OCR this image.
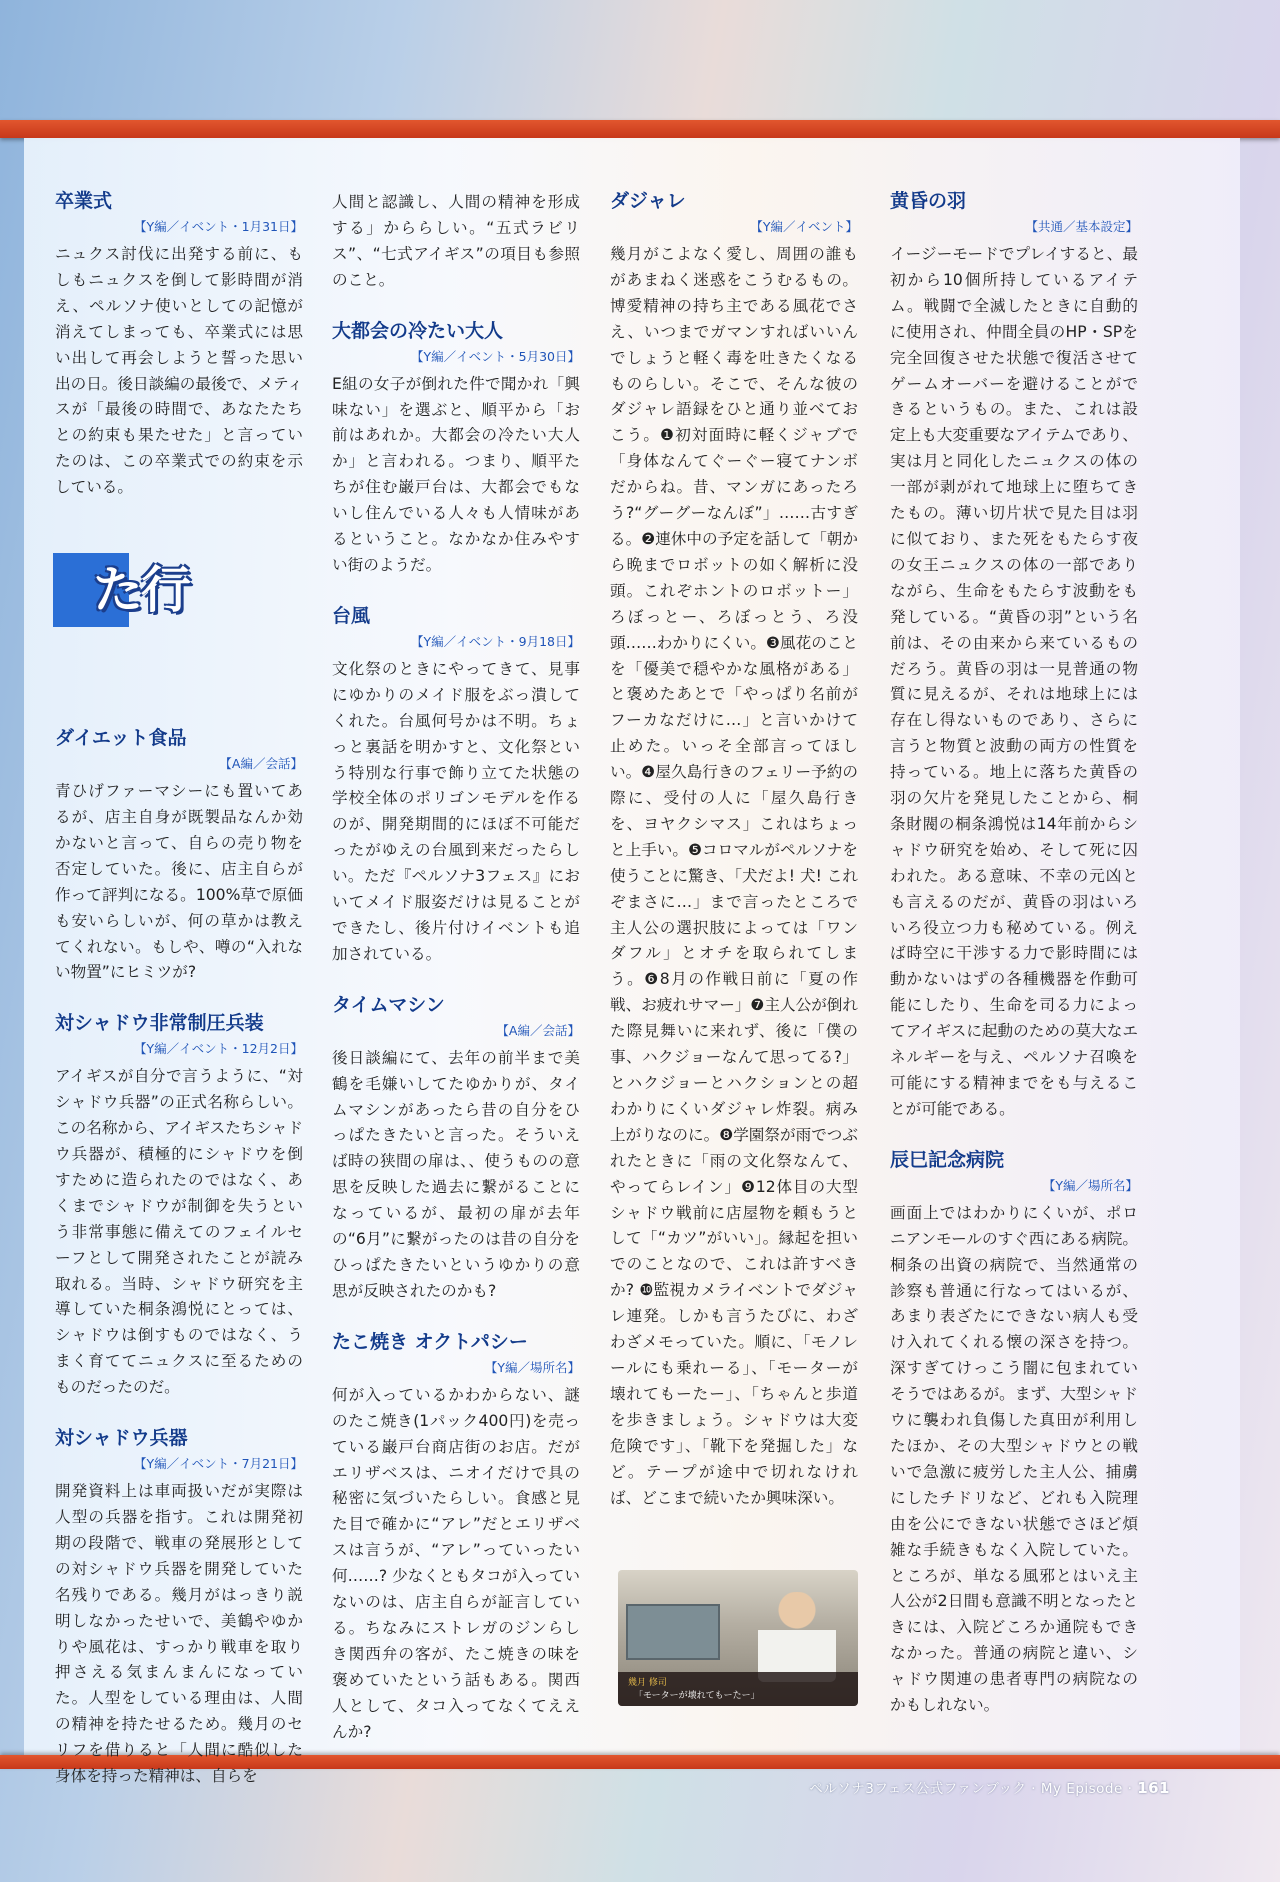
卒業式
【 Y編／イベント・1月31日 】

ニュクス討伐に出発する前に、もしもニュクスを倒して影時間が消え、ペルソナ使いとしての記憶が消えてしまっても、卒業式には思い出して再会しようと誓った思い出の日。後日談編の最後で、メティスが「最後の時間で、あなたたちとの約束も果たせた」と言っていたのは、この卒業式での約束を示している。

ダイエット食品
【 A編／会話 】

青ひげファーマシーにも置いてあるが、店主自身が既製品なんか効かないと言って、自らの売り物を否定していた。後に、店主自らが作って評判になる。100%草で原価も安いらしいが、何の草かは教えてくれない。もしや、噂の“入れない物置”にヒミツが?

対シャドウ非常制圧兵装
【 Y編／イベント・12月2日 】

アイギスが自分で言うように、“対シャドウ兵器”の正式名称らしい。この名称から、アイギスたちシャドウ兵器が、積極的にシャドウを倒すために造られたのではなく、あくまでシャドウが制御を失うという非常事態に備えてのフェイルセーフとして開発されたことが読み取れる。当時、シャドウ研究を主導していた桐条鴻悦にとっては、シャドウは倒すものではなく、うまく育ててニュクスに至るためのものだったのだ。

対シャドウ兵器
【 Y編／イベント・7月21日 】

開発資料上は車両扱いだが実際は人型の兵器を指す。これは開発初期の段階で、戦車の発展形としての対シャドウ兵器を開発していた名残りである。幾月がはっきり説明しなかったせいで、美鶴やゆかりや風花は、すっかり戦車を取り押さえる気まんまんになっていた。人型をしている理由は、人間の精神を持たせるため。幾月のセリフを借りると「人間に酷似した身体を持った精神は、自らを

た行

人間と認識し、人間の精神を形成する」かららしい。“五式ラビリス”、“七式アイギス”の項目も参照のこと。

大都会の冷たい大人
【 Y編／イベント・5月30日 】

E組の女子が倒れた件で聞かれ「興味ない」を選ぶと、順平から「お前はあれか。大都会の冷たい大人か」と言われる。つまり、順平たちが住む巌戸台は、大都会でもないし住んでいる人々も人情味があるということ。なかなか住みやすい街のようだ。

台風
【 Y編／イベント・9月18日 】

文化祭のときにやってきて、見事にゆかりのメイド服をぶっ潰してくれた。台風何号かは不明。ちょっと裏話を明かすと、文化祭という特別な行事で飾り立てた状態の学校全体のポリゴンモデルを作るのが、開発期間的にほぼ不可能だったがゆえの台風到来だったらしい。ただ『ペルソナ3フェス』においてメイド服姿だけは見ることができたし、後片付けイベントも追加されている。

タイムマシン
【 A編／会話 】

後日談編にて、去年の前半まで美鶴を毛嫌いしてたゆかりが、タイムマシンがあったら昔の自分をひっぱたきたいと言った。そういえば時の狭間の扉は、、使うものの意思を反映した過去に繋がることになっているが、最初の扉が去年の“6月”に繋がったのは昔の自分をひっぱたきたいというゆかりの意思が反映されたのかも?

たこ焼き オクトパシー
【 Y編／場所名 】

何が入っているかわからない、謎のたこ焼き(1パック400円)を売っている巌戸台商店街のお店。だがエリザベスは、ニオイだけで具の秘密に気づいたらしい。食感と見た目で確かに“アレ”だとエリザベスは言うが、“アレ”っていったい何……? 少なくともタコが入っていないのは、店主自らが証言している。ちなみにストレガのジンらしき関西弁の客が、たこ焼きの味を褒めていたという話もある。関西人として、タコ入ってなくてええんか?

ダジャレ
【 Y編／イベント 】

幾月がこよなく愛し、周囲の誰もがあまねく迷惑をこうむるもの。博愛精神の持ち主である風花でさえ、いつまでガマンすればいいんでしょうと軽く毒を吐きたくなるものらしい。そこで、そんな彼のダジャレ語録をひと通り並べておこう。❶初対面時に軽くジャブで「身体なんてぐーぐー寝てナンボだからね。昔、マンガにあったろう?“グーグーなんぼ”」……古すぎる。❷連休中の予定を話して「朝から晩までロボットの如く解析に没頭。これぞホントのロボットー」ろぼっとー、ろぼっとう、ろ没頭……わかりにくい。❸風花のことを「優美で穏やかな風格がある」と褒めたあとで「やっぱり名前がフーカなだけに…」と言いかけて止めた。いっそ全部言ってほしい。❹屋久島行きのフェリー予約の際に、受付の人に「屋久島行きを、ヨヤクシマス」これはちょっと上手い。❺コロマルがペルソナを使うことに驚き、「犬だよ! 犬! これぞまさに…」まで言ったところで主人公の選択肢によっては「ワンダフル」とオチを取られてしまう。❻8月の作戦日前に「夏の作戦、お疲れサマー」❼主人公が倒れた際見舞いに来れず、後に「僕の事、ハクジョーなんて思ってる?」とハクジョーとハクションとの超わかりにくいダジャレ炸裂。病み上がりなのに。❽学園祭が雨でつぶれたときに「雨の文化祭なんて、やってらレイン」❾12体目の大型シャドウ戦前に店屋物を頼もうとして「“カツ”がいい」。縁起を担いでのことなので、これは許すべきか? ❿監視カメライベントでダジャレ連発。しかも言うたびに、わざわざメモっていた。順に、「モノレールにも乗れーる」、「モーターが壊れてもーたー」、「ちゃんと歩道を歩きましょう。シャドウは大変危険です」、「靴下を発掘した」など。テープが途中で切れなければ、どこまで続いたか興味深い。

幾月 修司
「モーターが壊れてもーたー」
黄昏の羽
【 共通／基本設定 】

イージーモードでプレイすると、最初から10個所持しているアイテム。戦闘で全滅したときに自動的に使用され、仲間全員のHP・SPを完全回復させた状態で復活させてゲームオーバーを避けることができるというもの。また、これは設定上も大変重要なアイテムであり、実は月と同化したニュクスの体の一部が剥がれて地球上に堕ちてきたもの。薄い切片状で見た目は羽に似ており、また死をもたらす夜の女王ニュクスの体の一部でありながら、生命をもたらす波動をも発している。“黄昏の羽”という名前は、その由来から来ているものだろう。黄昏の羽は一見普通の物質に見えるが、それは地球上には存在し得ないものであり、さらに言うと物質と波動の両方の性質を持っている。地上に落ちた黄昏の羽の欠片を発見したことから、桐条財閥の桐条鴻悦は14年前からシャドウ研究を始め、そして死に囚われた。ある意味、不幸の元凶とも言えるのだが、黄昏の羽はいろいろ役立つ力も秘めている。例えば時空に干渉する力で影時間には動かないはずの各種機器を作動可能にしたり、生命を司る力によってアイギスに起動のための莫大なエネルギーを与え、ペルソナ召喚を可能にする精神までをも与えることが可能である。

辰巳記念病院
【 Y編／場所名 】

画面上ではわかりにくいが、ポロニアンモールのすぐ西にある病院。桐条の出資の病院で、当然通常の診察も普通に行なってはいるが、あまり表ざたにできない病人も受け入れてくれる懐の深さを持つ。深すぎてけっこう闇に包まれていそうではあるが。まず、大型シャドウに襲われ負傷した真田が利用したほか、その大型シャドウとの戦いで急激に疲労した主人公、捕虜にしたチドリなど、どれも入院理由を公にできない状態でさほど煩雑な手続きもなく入院していた。ところが、単なる風邪とはいえ主人公が2日間も意識不明となったときには、入院どころか通院もできなかった。普通の病院と違い、シャドウ関連の患者専門の病院なのかもしれない。

ペルソナ3フェス公式ファンブック · My Episode · 161
